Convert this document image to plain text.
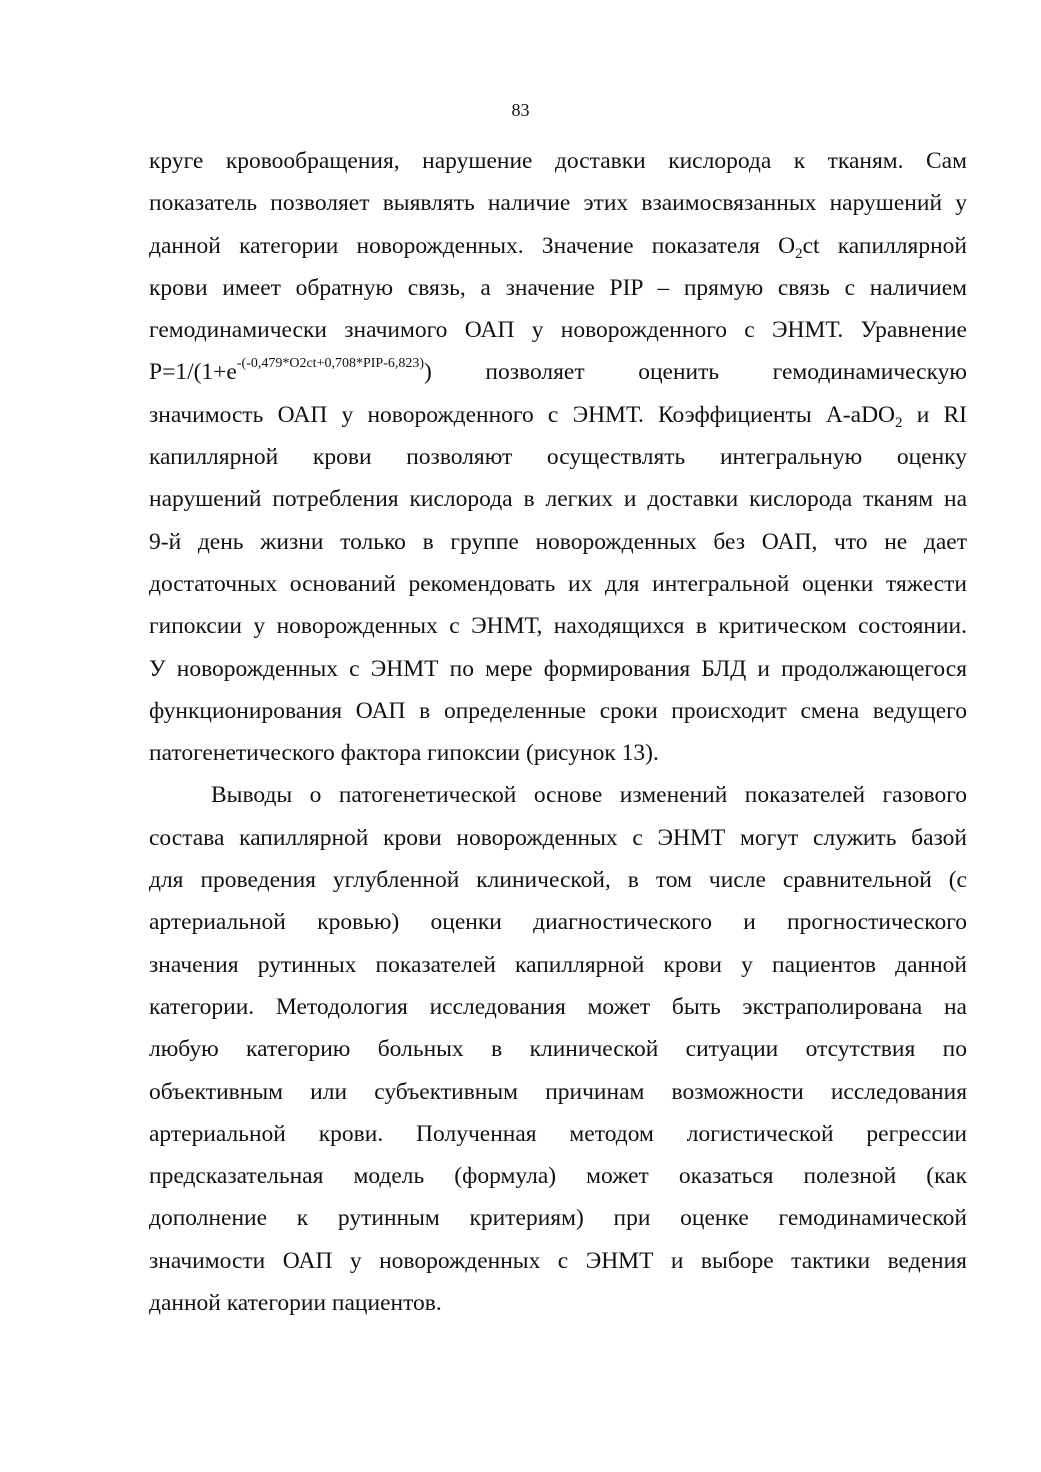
83
круге кровообращения, нарушение доставки кислорода к тканям. Сам
показатель позволяет выявлять наличие этих взаимосвязанных нарушений у
данной категории новорожденных. Значение показателя $O_2ct$ капиллярной
крови имеет обратную связь, а значение PIP – прямую связь с наличием
гемодинамически значимого ОАП у новорожденного с ЭНМТ. Уравнение
$P=1/(1+e^{-(-0,479*O2ct+0,708*PIP-6,823)})$ позволяет оценить гемодинамическую
значимость ОАП у новорожденного с ЭНМТ. Коэффициенты A-aDO$_2$ и RI
капиллярной крови позволяют осуществлять интегральную оценку
нарушений потребления кислорода в легких и доставки кислорода тканям на
9-й день жизни только в группе новорожденных без ОАП, что не дает
достаточных оснований рекомендовать их для интегральной оценки тяжести
гипоксии у новорожденных с ЭНМТ, находящихся в критическом состоянии.
У новорожденных с ЭНМТ по мере формирования БЛД и продолжающегося
функционирования ОАП в определенные сроки происходит смена ведущего
патогенетического фактора гипоксии (рисунок 13).
Выводы о патогенетической основе изменений показателей газового
состава капиллярной крови новорожденных с ЭНМТ могут служить базой
для проведения углубленной клинической, в том числе сравнительной (с
артериальной кровью) оценки диагностического и прогностического
значения рутинных показателей капиллярной крови у пациентов данной
категории. Методология исследования может быть экстраполирована на
любую категорию больных в клинической ситуации отсутствия по
объективным или субъективным причинам возможности исследования
артериальной крови. Полученная методом логистической регрессии
предсказательная модель (формула) может оказаться полезной (как
дополнение к рутинным критериям) при оценке гемодинамической
значимости ОАП у новорожденных с ЭНМТ и выборе тактики ведения
данной категории пациентов.
